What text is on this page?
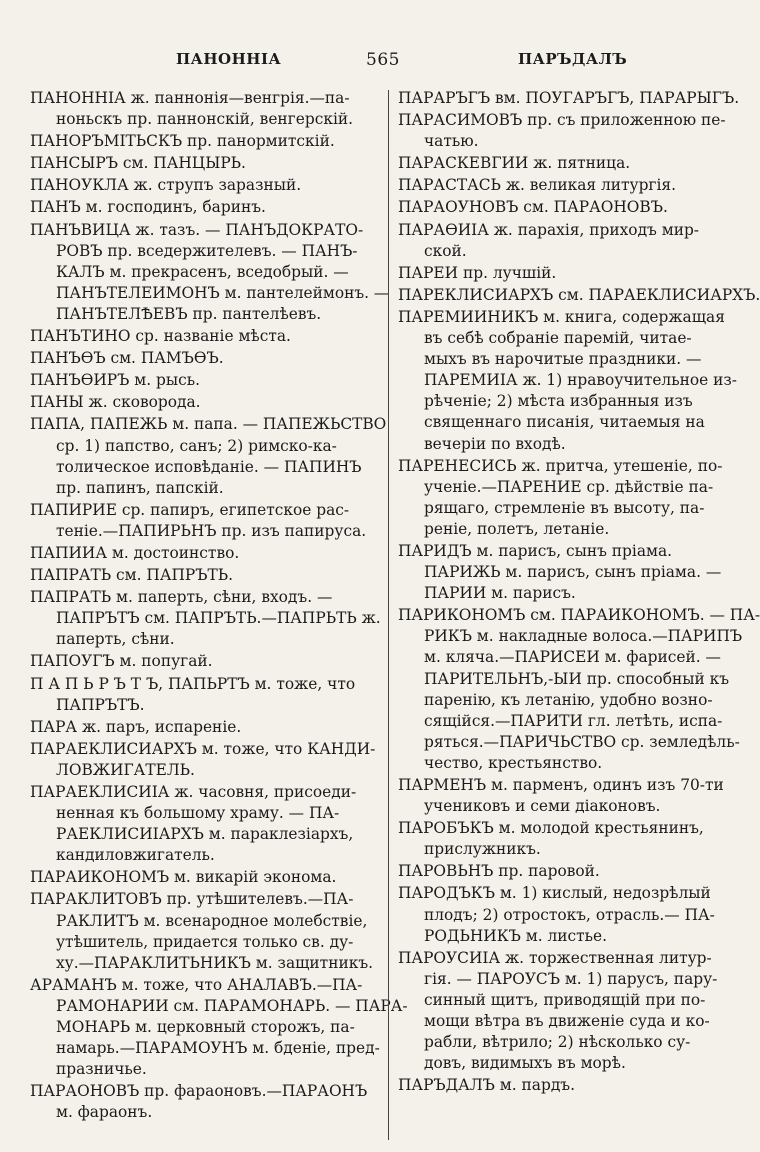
ПАНОННІА	565	ПАРЪДАЛЪ
ПАНОННІА ж. паннонія—венгрія.—па-
ноньскъ пр. паннонскій, венгерскій.
ПАНОРЪМІТЬСКЪ пр. панормитскій.
ПАНСЫРЪ см. ПАНЦЫРЬ.
ПАНОУКЛА ж. струпъ заразный.
ПАНЪ м. господинъ, баринъ.
ПАНЪВИЦА ж. тазъ. — ПАНЪДОКРАТО-
РОВЪ пр. вседержителевъ. — ПАНЪ-
КАЛЪ м. прекрасенъ, вседобрый. —
ПАНЪТЕЛЕИМОНЪ м. пантелеймонъ. —
ПАНЪТЕЛѢЕВЪ пр. пантелѣевъ.
ПАНЪТИНО ср. названіе мѣста.
ПАНЪѲЪ см. ПАМЪѲЪ.
ПАНЪѲИРЪ м. рысь.
ПАНЫ ж. сковорода.
ПАПА, ПАПЕЖЬ м. папа. — ПАПЕЖЬСТВО
ср. 1) папство, санъ; 2) римско-ка-
толическое исповѣданіе. — ПАПИНЪ
пр. папинъ, папскій.
ПАПИРИЕ ср. папиръ, египетское рас-
теніе.—ПАПИРЬНЪ пр. изъ папируса.
ПАПИИА м. достоинство.
ПАПРАТЬ см. ПАПРЪТЬ.
ПАПРАТЬ м. паперть, сѣни, входъ. —
ПАПРЪТЪ см. ПАПРЪТЬ.—ПАПРЬТЬ ж.
паперть, сѣни.
ПАПОУГЪ м. попугай.
П А П Ь Р Ъ Т Ъ, ПАПЬРТЪ м. тоже, что
ПАПРЪТЪ.
ПАРА ж. паръ, испареніе.
ПАРАЕКЛИСИАРХЪ м. тоже, что КАНДИ-
ЛОВЖИГАТЕЛЬ.
ПАРАЕКЛИСИІА ж. часовня, присоеди-
ненная къ большому храму. — ПА-
РАЕКЛИСИІАРХЪ м. параклезіархъ,
кандиловжигатель.
ПАРАИКОНОМЪ м. викарій эконома.
ПАРАКЛИТОВЪ пр. утѣшителевъ.—ПА-
РАКЛИТЪ м. всенародное молебствіе,
утѣшитель, придается только св. ду-
ху.—ПАРАКЛИТЬНИКЪ м. защитникъ.
АРАМАНЪ м. тоже, что АНАЛАВЪ.—ПА-
РАМОНАРИИ см. ПАРАМОНАРЬ. — ПАРА-
МОНАРЬ м. церковный сторожъ, па-
намарь.—ПАРАМОУНЪ м. бденіе, пред-
празничье.
ПАРАОНОВЪ пр. фараоновъ.—ПАРАОНЪ
м. фараонъ.
ПАРАРЪГЪ вм. ПОУГАРЪГЪ, ПАРАРЫГЪ.
ПАРАСИМОВЪ пр. съ приложенною пе-
чатью.
ПАРАСКЕВГИИ ж. пятница.
ПАРАСТАСЬ ж. великая литургія.
ПАРАОУНОВЪ см. ПАРАОНОВЪ.
ПАРАѲИІА ж. парахія, приходъ мир-
ской.
ПАРЕИ пр. лучшій.
ПАРЕКЛИСИАРХЪ см. ПАРАЕКЛИСИАРХЪ.
ПАРЕМИИНИКЪ м. книга, содержащая
въ себѣ собраніе паремій, читае-
мыхъ въ нарочитые праздники. —
ПАРЕМИІА ж. 1) нравоучительное из-
рѣченіе; 2) мѣста избранныя изъ
священнаго писанія, читаемыя на
вечеріи по входѣ.
ПАРЕНЕСИСЬ ж. притча, утешеніе, по-
ученіе.—ПАРЕНИЕ ср. дѣйствіе па-
рящаго, стремленіе въ высоту, па-
реніе, полетъ, летаніе.
ПАРИДЪ м. парисъ, сынъ пріама.
ПАРИЖЬ м. парисъ, сынъ пріама. —
ПАРИИ м. парисъ.
ПАРИКОНОМЪ см. ПАРАИКОНОМЪ. — ПА-
РИКЪ м. накладные волоса.—ПАРИПЪ
м. кляча.—ПАРИСЕИ м. фарисей. —
ПАРИТЕЛЬНЪ,-ЫИ пр. способный къ
паренію, къ летанію, удобно возно-
сящійся.—ПАРИТИ гл. летѣть, испа-
ряться.—ПАРИЧЬСТВО ср. земледѣль-
чество, крестьянство.
ПАРМЕНЪ м. парменъ, одинъ изъ 70-ти
учениковъ и семи діаконовъ.
ПАРОБЪКЪ м. молодой крестьянинъ,
прислужникъ.
ПАРОВЬНЪ пр. паровой.
ПАРОДЪКЪ м. 1) кислый, недозрѣлый
плодъ; 2) отростокъ, отрасль.— ПА-
РОДЬНИКЪ м. листье.
ПАРОУСИІА ж. торжественная литур-
гія. — ПАРОУСЪ м. 1) парусъ, пару-
синный щитъ, приводящій при по-
мощи вѣтра въ движеніе суда и ко-
рабли, вѣтрило; 2) нѣсколько су-
довъ, видимыхъ въ морѣ.
ПАРЪДАЛЪ м. пардъ.
